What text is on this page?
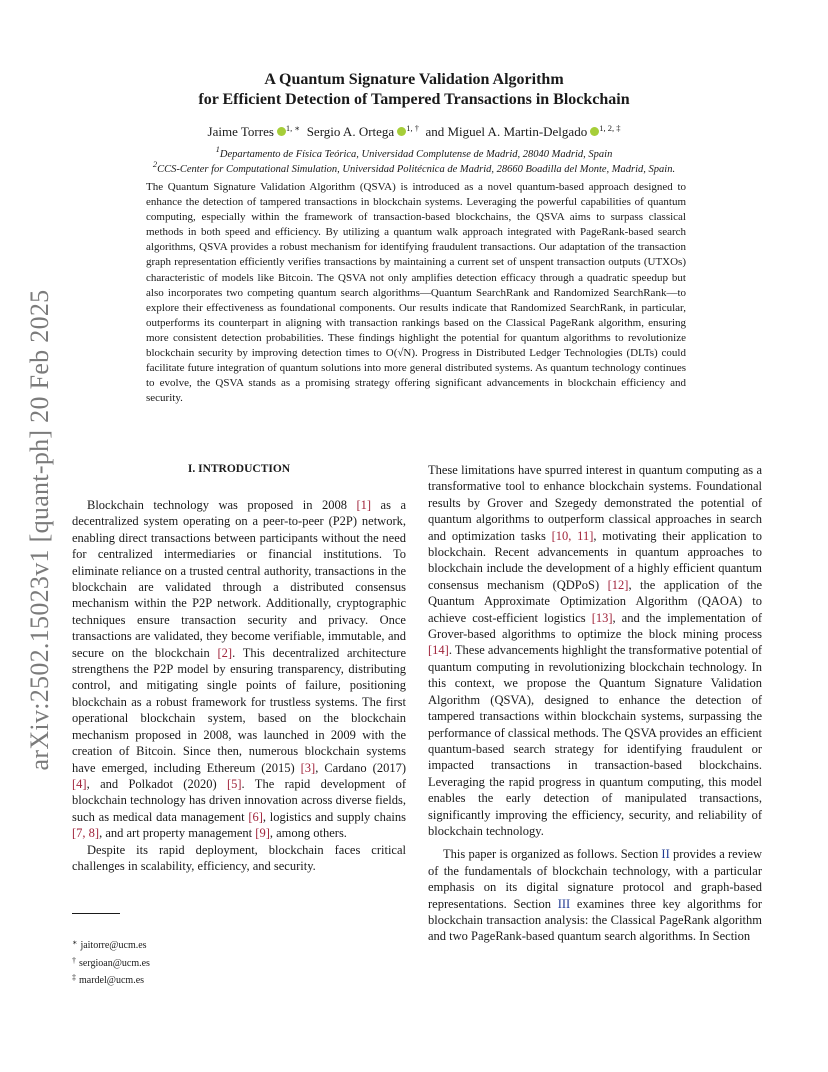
arXiv:2502.15023v1 [quant-ph] 20 Feb 2025
A Quantum Signature Validation Algorithm
for Efficient Detection of Tampered Transactions in Blockchain
Jaime Torres $^{1, ∗}$ Sergio A. Ortega $^{1, \dagger}$ and Miguel A. Martin-Delgado $^{1, 2, \ddagger}$
$^1$Departamento de Física Teórica, Universidad Complutense de Madrid, 28040 Madrid, Spain
$^2$CCS-Center for Computational Simulation, Universidad Politécnica de Madrid, 28660 Boadilla del Monte, Madrid, Spain.

The Quantum Signature Validation Algorithm (QSVA) is introduced as a novel quantum-based approach designed to enhance the detection of tampered transactions in blockchain systems. Leveraging the powerful capabilities of quantum computing, especially within the framework of transaction-based blockchains, the QSVA aims to surpass classical methods in both speed and efficiency. By utilizing a quantum walk approach integrated with PageRank-based search algorithms, QSVA provides a robust mechanism for identifying fraudulent transactions. Our adaptation of the transaction graph representation efficiently verifies transactions by maintaining a current set of unspent transaction outputs (UTXOs) characteristic of models like Bitcoin. The QSVA not only amplifies detection efficacy through a quadratic speedup but also incorporates two competing quantum search algorithms—Quantum SearchRank and Randomized SearchRank—to explore their effectiveness as foundational components. Our results indicate that Randomized SearchRank, in particular, outperforms its counterpart in aligning with transaction rankings based on the Classical PageRank algorithm, ensuring more consistent detection probabilities. These findings highlight the potential for quantum algorithms to revolutionize blockchain security by improving detection times to O(√N). Progress in Distributed Ledger Technologies (DLTs) could facilitate future integration of quantum solutions into more general distributed systems. As quantum technology continues to evolve, the QSVA stands as a promising strategy offering significant advancements in blockchain efficiency and security.

I. INTRODUCTION

Blockchain technology was proposed in 2008 [1] as a decentralized system operating on a peer-to-peer (P2P) network, enabling direct transactions between participants without the need for centralized intermediaries or financial institutions. To eliminate reliance on a trusted central authority, transactions in the blockchain are validated through a distributed consensus mechanism within the P2P network. Additionally, cryptographic techniques ensure transaction security and privacy. Once transactions are validated, they become verifiable, immutable, and secure on the blockchain [2]. This decentralized architecture strengthens the P2P model by ensuring transparency, distributing control, and mitigating single points of failure, positioning blockchain as a robust framework for trustless systems. The first operational blockchain system, based on the blockchain mechanism proposed in 2008, was launched in 2009 with the creation of Bitcoin. Since then, numerous blockchain systems have emerged, including Ethereum (2015) [3], Cardano (2017) [4], and Polkadot (2020) [5]. The rapid development of blockchain technology has driven innovation across diverse fields, such as medical data management [6], logistics and supply chains [7, 8], and art property management [9], among others.

Despite its rapid deployment, blockchain faces critical challenges in scalability, efficiency, and security.

These limitations have spurred interest in quantum computing as a transformative tool to enhance blockchain systems. Foundational results by Grover and Szegedy demonstrated the potential of quantum algorithms to outperform classical approaches in search and optimization tasks [10, 11], motivating their application to blockchain. Recent advancements in quantum approaches to blockchain include the development of a highly efficient quantum consensus mechanism (QDPoS) [12], the application of the Quantum Approximate Optimization Algorithm (QAOA) to achieve cost-efficient logistics [13], and the implementation of Grover-based algorithms to optimize the block mining process [14]. These advancements highlight the transformative potential of quantum computing in revolutionizing blockchain technology. In this context, we propose the Quantum Signature Validation Algorithm (QSVA), designed to enhance the detection of tampered transactions within blockchain systems, surpassing the performance of classical methods. The QSVA provides an efficient quantum-based search strategy for identifying fraudulent or impacted transactions in transaction-based blockchains. Leveraging the rapid progress in quantum computing, this model enables the early detection of manipulated transactions, significantly improving the efficiency, security, and reliability of blockchain technology.

This paper is organized as follows. Section II provides a review of the fundamentals of blockchain technology, with a particular emphasis on its digital signature protocol and graph-based representations. Section III examines three key algorithms for blockchain transaction analysis: the Classical PageRank algorithm and two PageRank-based quantum search algorithms. In Section

∗ jaitorre@ucm.es
† sergioan@ucm.es
‡ mardel@ucm.es
